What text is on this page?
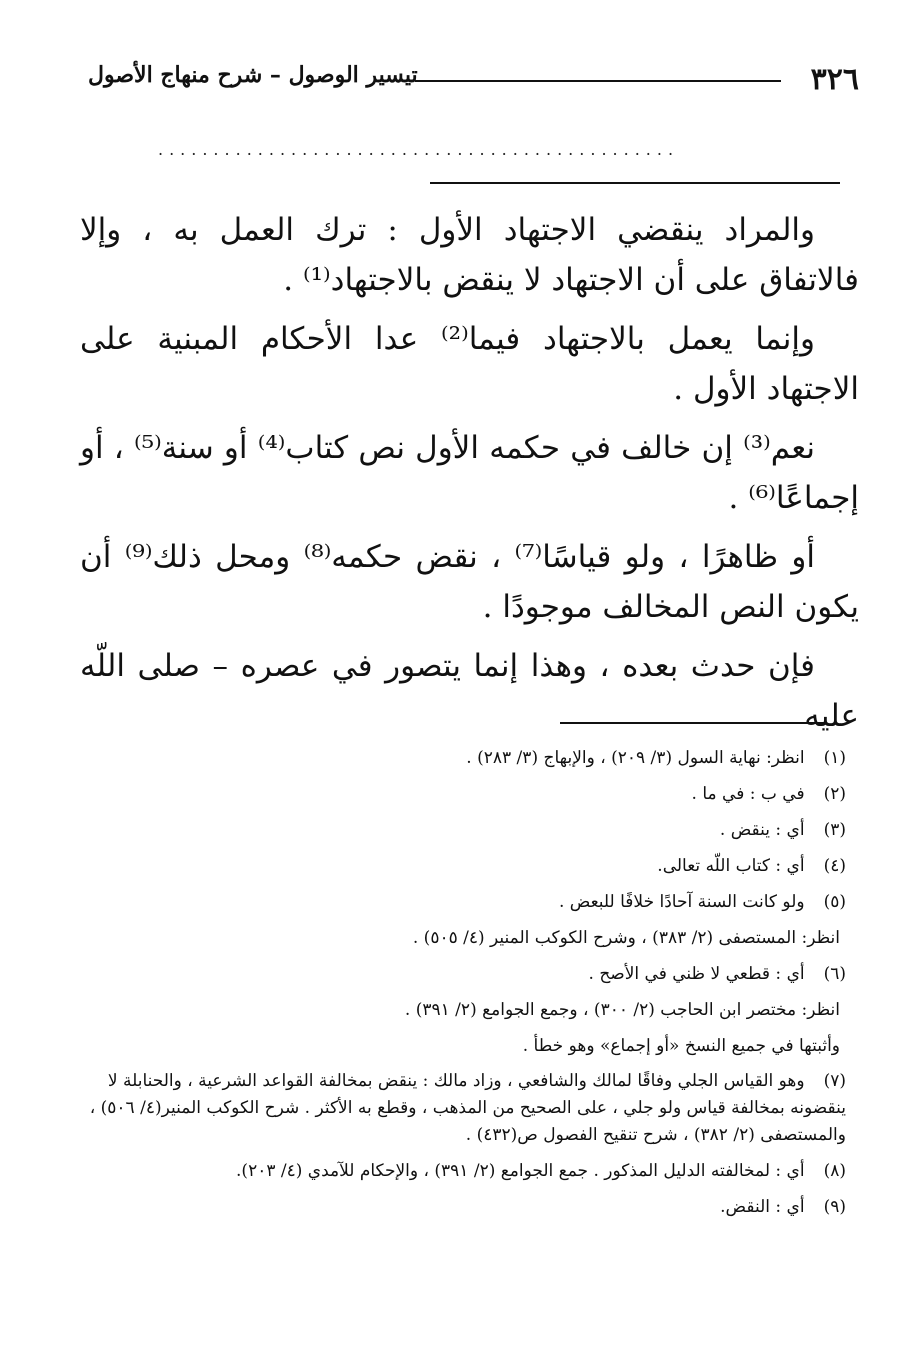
٣٢٦
تيسير الوصول – شرح منهاج الأصول
...............................................

والمراد ينقضي الاجتهاد الأول : ترك العمل به ، وإلا فالاتفاق على أن الاجتهاد لا ينقض بالاجتهاد⁽¹⁾ .

وإنما يعمل بالاجتهاد فيما⁽²⁾ عدا الأحكام المبنية على الاجتهاد الأول .

نعم⁽³⁾ إن خالف في حكمه الأول نص كتاب⁽⁴⁾ أو سنة⁽⁵⁾ ، أو إجماعًا⁽⁶⁾ .

أو ظاهرًا ، ولو قياسًا⁽⁷⁾ ، نقض حكمه⁽⁸⁾ ومحل ذلك⁽⁹⁾ أن يكون النص المخالف موجودًا .

فإن حدث بعده ، وهذا إنما يتصور في عصره – صلى اللّه عليه

(١) انظر: نهاية السول (٣/ ٢٠٩) ، والإبهاج (٣/ ٢٨٣) .

(٢) في ب : في ما .

(٣) أي : ينقض .

(٤) أي : كتاب اللّه تعالى.

(٥) ولو كانت السنة آحادًا خلافًا للبعض .

انظر: المستصفى (٢/ ٣٨٣) ، وشرح الكوكب المنير (٤/ ٥٠٥) .

(٦) أي : قطعي لا ظني في الأصح .

انظر: مختصر ابن الحاجب (٢/ ٣٠٠) ، وجمع الجوامع (٢/ ٣٩١) .

وأثبتها في جميع النسخ «أو إجماع» وهو خطأ .

(٧) وهو القياس الجلي وفاقًا لمالك والشافعي ، وزاد مالك : ينقض بمخالفة القواعد الشرعية ، والحنابلة لا ينقضونه بمخالفة قياس ولو جلي ، على الصحيح من المذهب ، وقطع به الأكثر . شرح الكوكب المنير(٤/ ٥٠٦) ، والمستصفى (٢/ ٣٨٢) ، شرح تنقيح الفصول ص(٤٣٢) .

(٨) أي : لمخالفته الدليل المذكور . جمع الجوامع (٢/ ٣٩١) ، والإحكام للآمدي (٤/ ٢٠٣).

(٩) أي : النقض.
